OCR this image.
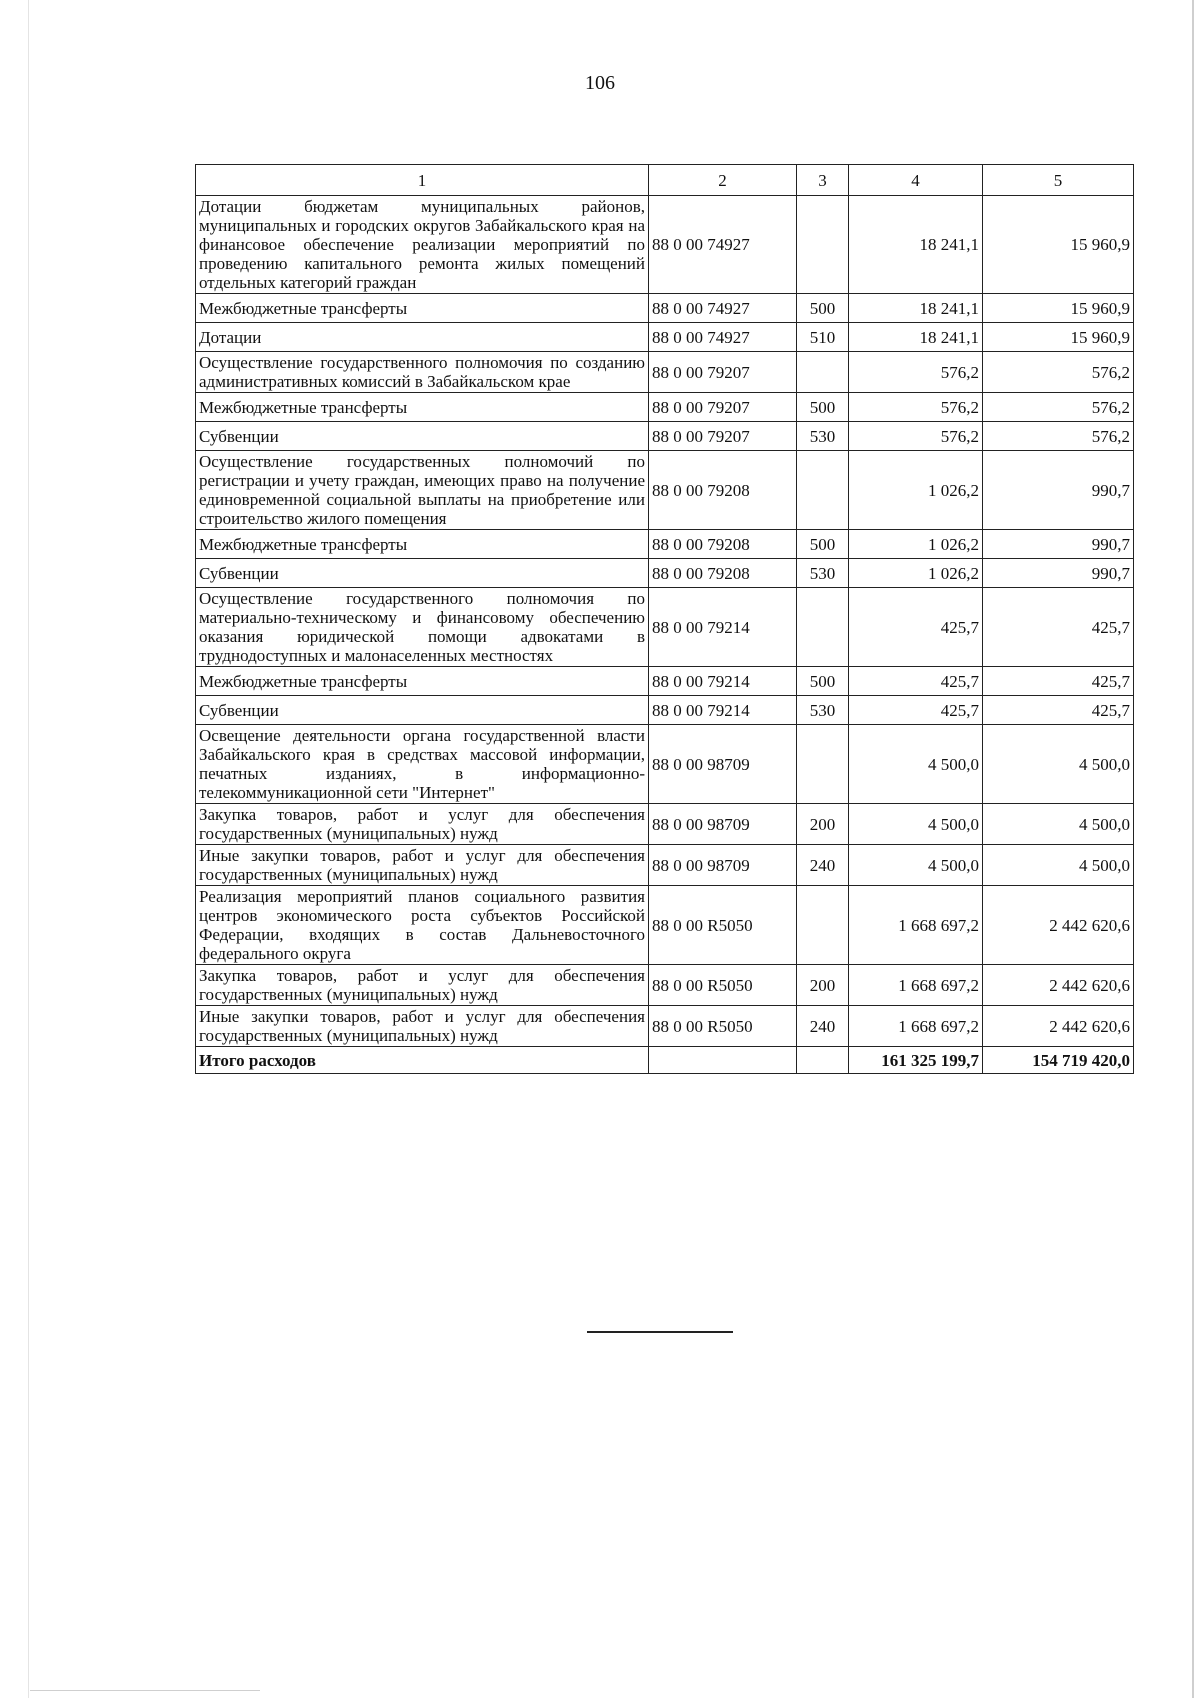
106
1	2	3	4	5
Дотации бюджетам муниципальных районов, муниципальных и городских округов Забайкальского края на финансовое обеспечение реализации мероприятий по проведению капитального ремонта жилых помещений отдельных категорий граждан	88 0 00 74927		18 241,1	15 960,9
Межбюджетные трансферты	88 0 00 74927	500	18 241,1	15 960,9
Дотации	88 0 00 74927	510	18 241,1	15 960,9
Осуществление государственного полномочия по созданию административных комиссий в Забайкальском крае	88 0 00 79207		576,2	576,2
Межбюджетные трансферты	88 0 00 79207	500	576,2	576,2
Субвенции	88 0 00 79207	530	576,2	576,2
Осуществление государственных полномочий по регистрации и учету граждан, имеющих право на получение единовременной социальной выплаты на приобретение или строительство жилого помещения	88 0 00 79208		1 026,2	990,7
Межбюджетные трансферты	88 0 00 79208	500	1 026,2	990,7
Субвенции	88 0 00 79208	530	1 026,2	990,7
Осуществление государственного полномочия по материально-техническому и финансовому обеспечению оказания юридической помощи адвокатами в труднодоступных и малонаселенных местностях	88 0 00 79214		425,7	425,7
Межбюджетные трансферты	88 0 00 79214	500	425,7	425,7
Субвенции	88 0 00 79214	530	425,7	425,7
Освещение деятельности органа государственной власти Забайкальского края в средствах массовой информации, печатных изданиях, в информационно-телекоммуникационной сети "Интернет"	88 0 00 98709		4 500,0	4 500,0
Закупка товаров, работ и услуг для обеспечения государственных (муниципальных) нужд	88 0 00 98709	200	4 500,0	4 500,0
Иные закупки товаров, работ и услуг для обеспечения государственных (муниципальных) нужд	88 0 00 98709	240	4 500,0	4 500,0
Реализация мероприятий планов социального развития центров экономического роста субъектов Российской Федерации, входящих в состав Дальневосточного федерального округа	88 0 00 R5050		1 668 697,2	2 442 620,6
Закупка товаров, работ и услуг для обеспечения государственных (муниципальных) нужд	88 0 00 R5050	200	1 668 697,2	2 442 620,6
Иные закупки товаров, работ и услуг для обеспечения государственных (муниципальных) нужд	88 0 00 R5050	240	1 668 697,2	2 442 620,6
Итого расходов			161 325 199,7	154 719 420,0
